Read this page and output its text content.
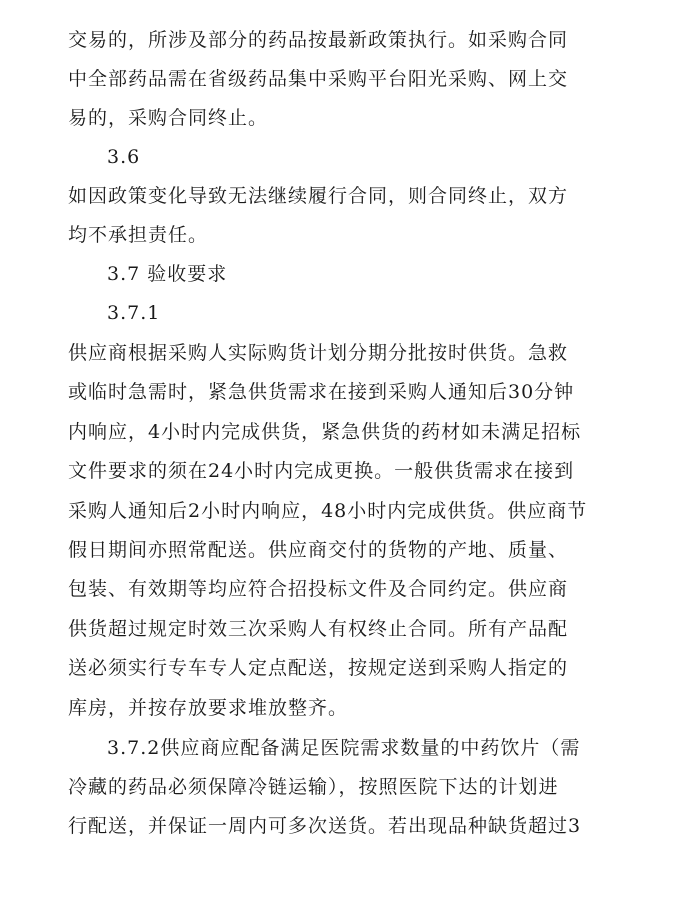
交易的，所涉及部分的药品按最新政策执行。如采购合同
中全部药品需在省级药品集中采购平台阳光采购、网上交
易的，采购合同终止。
3.6
如因政策变化导致无法继续履行合同，则合同终止，双方
均不承担责任。
3.7 验收要求
3.7.1
供应商根据采购人实际购货计划分期分批按时供货。急救
或临时急需时，紧急供货需求在接到采购人通知后30分钟
内响应，4小时内完成供货，紧急供货的药材如未满足招标
文件要求的须在24小时内完成更换。一般供货需求在接到
采购人通知后2小时内响应，48小时内完成供货。供应商节
假日期间亦照常配送。供应商交付的货物的产地、质量、
包装、有效期等均应符合招投标文件及合同约定。供应商
供货超过规定时效三次采购人有权终止合同。所有产品配
送必须实行专车专人定点配送，按规定送到采购人指定的
库房，并按存放要求堆放整齐。
3.7.2供应商应配备满足医院需求数量的中药饮片（需
冷藏的药品必须保障冷链运输），按照医院下达的计划进
行配送，并保证一周内可多次送货。若出现品种缺货超过3
